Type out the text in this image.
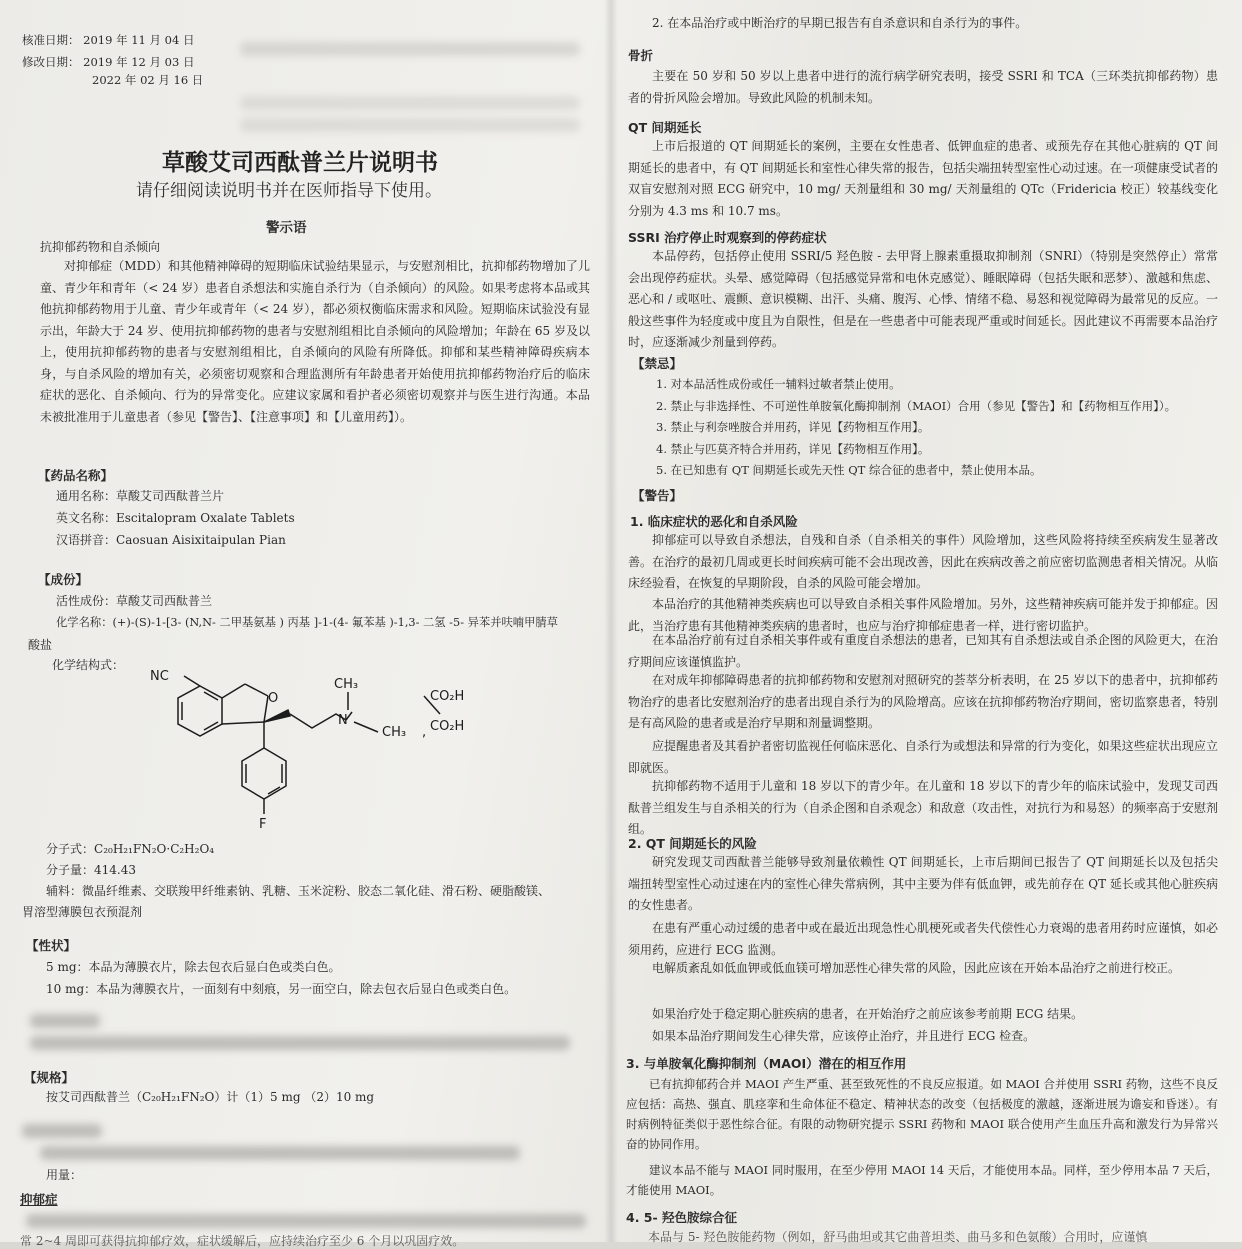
核准日期： 2019 年 11 月 04 日
修改日期： 2019 年 12 月 03 日
2022 年 02 月 16 日
草酸艾司西酞普兰片说明书
请仔细阅读说明书并在医师指导下使用。
警示语
抗抑郁药物和自杀倾向
对抑郁症（MDD）和其他精神障碍的短期临床试验结果显示，与安慰剂相比，抗抑郁药物增加了儿童、青少年和青年（< 24 岁）患者自杀想法和实施自杀行为（自杀倾向）的风险。如果考虑将本品或其他抗抑郁药物用于儿童、青少年或青年（< 24 岁），都必须权衡临床需求和风险。短期临床试验没有显示出，年龄大于 24 岁、使用抗抑郁药物的患者与安慰剂组相比自杀倾向的风险增加；年龄在 65 岁及以上，使用抗抑郁药物的患者与安慰剂组相比，自杀倾向的风险有所降低。抑郁和某些精神障碍疾病本身，与自杀风险的增加有关，必须密切观察和合理监测所有年龄患者开始使用抗抑郁药物治疗后的临床症状的恶化、自杀倾向、行为的异常变化。应建议家属和看护者必须密切观察并与医生进行沟通。本品未被批准用于儿童患者（参见【警告】、【注意事项】和【儿童用药】）。
【药品名称】
通用名称：草酸艾司西酞普兰片
英文名称：Escitalopram Oxalate Tablets
汉语拼音：Caosuan Aisixitaipulan Pian
【成份】
活性成份：草酸艾司西酞普兰
化学名称：(+)-(S)-1-[3- (N,N- 二甲基氨基 ) 丙基 ]-1-(4- 氟苯基 )-1,3- 二氢 -5- 异苯并呋喃甲腈草
酸盐
化学结构式：
NC
O
N
CH₃
CH₃
F
CO₂H
CO₂H
,
分子式：C₂₀H₂₁FN₂O·C₂H₂O₄
分子量：414.43
辅料：微晶纤维素、交联羧甲纤维素钠、乳糖、玉米淀粉、胶态二氧化硅、滑石粉、硬脂酸镁、
胃溶型薄膜包衣预混剂
【性状】
5 mg：本品为薄膜衣片，除去包衣后显白色或类白色。
10 mg：本品为薄膜衣片，一面刻有中刻痕，另一面空白，除去包衣后显白色或类白色。
【规格】
按艾司西酞普兰（C₂₀H₂₁FN₂O）计（1）5 mg （2）10 mg
用量：
抑郁症
常 2~4 周即可获得抗抑郁疗效，症状缓解后，应持续治疗至少 6 个月以巩固疗效。
2. 在本品治疗或中断治疗的早期已报告有自杀意识和自杀行为的事件。
骨折
主要在 50 岁和 50 岁以上患者中进行的流行病学研究表明，接受 SSRI 和 TCA（三环类抗抑郁药物）患者的骨折风险会增加。导致此风险的机制未知。
QT 间期延长
上市后报道的 QT 间期延长的案例，主要在女性患者、低钾血症的患者、或预先存在其他心脏病的 QT 间期延长的患者中，有 QT 间期延长和室性心律失常的报告，包括尖端扭转型室性心动过速。在一项健康受试者的双盲安慰剂对照 ECG 研究中，10 mg/ 天剂量组和 30 mg/ 天剂量组的 QTc（Fridericia 校正）较基线变化分别为 4.3 ms 和 10.7 ms。
SSRI 治疗停止时观察到的停药症状
本品停药，包括停止使用 SSRI/5 羟色胺 - 去甲肾上腺素重摄取抑制剂（SNRI）（特别是突然停止）常常会出现停药症状。头晕、感觉障碍（包括感觉异常和电休克感觉）、睡眠障碍（包括失眠和恶梦）、激越和焦虑、恶心和 / 或呕吐、震颤、意识模糊、出汗、头痛、腹泻、心悸、情绪不稳、易怒和视觉障碍为最常见的反应。一般这些事件为轻度或中度且为自限性，但是在一些患者中可能表现严重或时间延长。因此建议不再需要本品治疗时，应逐渐减少剂量到停药。
【禁忌】
1. 对本品活性成份或任一辅料过敏者禁止使用。
2. 禁止与非选择性、不可逆性单胺氧化酶抑制剂（MAOI）合用（参见【警告】和【药物相互作用】）。
3. 禁止与利奈唑胺合并用药，详见【药物相互作用】。
4. 禁止与匹莫齐特合并用药，详见【药物相互作用】。
5. 在已知患有 QT 间期延长或先天性 QT 综合征的患者中，禁止使用本品。
【警告】
1. 临床症状的恶化和自杀风险
抑郁症可以导致自杀想法，自残和自杀（自杀相关的事件）风险增加，这些风险将持续至疾病发生显著改善。在治疗的最初几周或更长时间疾病可能不会出现改善，因此在疾病改善之前应密切监测患者相关情况。从临床经验看，在恢复的早期阶段，自杀的风险可能会增加。
本品治疗的其他精神类疾病也可以导致自杀相关事件风险增加。另外，这些精神疾病可能并发于抑郁症。因此，当治疗患有其他精神类疾病的患者时，也应与治疗抑郁症患者一样，进行密切监护。
在本品治疗前有过自杀相关事件或有重度自杀想法的患者，已知其有自杀想法或自杀企图的风险更大，在治疗期间应该谨慎监护。
在对成年抑郁障碍患者的抗抑郁药物和安慰剂对照研究的荟萃分析表明，在 25 岁以下的患者中，抗抑郁药物治疗的患者比安慰剂治疗的患者出现自杀行为的风险增高。应该在抗抑郁药物治疗期间，密切监察患者，特别是有高风险的患者或是治疗早期和剂量调整期。
应提醒患者及其看护者密切监视任何临床恶化、自杀行为或想法和异常的行为变化，如果这些症状出现应立即就医。
抗抑郁药物不适用于儿童和 18 岁以下的青少年。在儿童和 18 岁以下的青少年的临床试验中，发现艾司西酞普兰组发生与自杀相关的行为（自杀企图和自杀观念）和敌意（攻击性，对抗行为和易怒）的频率高于安慰剂组。
2. QT 间期延长的风险
研究发现艾司西酞普兰能够导致剂量依赖性 QT 间期延长，上市后期间已报告了 QT 间期延长以及包括尖端扭转型室性心动过速在内的室性心律失常病例，其中主要为伴有低血钾，或先前存在 QT 延长或其他心脏疾病的女性患者。
在患有严重心动过缓的患者中或在最近出现急性心肌梗死或者失代偿性心力衰竭的患者用药时应谨慎，如必须用药，应进行 ECG 监测。
电解质紊乱如低血钾或低血镁可增加恶性心律失常的风险，因此应该在开始本品治疗之前进行校正。
如果治疗处于稳定期心脏疾病的患者，在开始治疗之前应该参考前期 ECG 结果。
如果本品治疗期间发生心律失常，应该停止治疗，并且进行 ECG 检查。
3. 与单胺氧化酶抑制剂（MAOI）潜在的相互作用
已有抗抑郁药合并 MAOI 产生严重、甚至致死性的不良反应报道。如 MAOI 合并使用 SSRI 药物，这些不良反应包括：高热、强直、肌痉挛和生命体征不稳定、精神状态的改变（包括极度的激越，逐渐进展为谵妄和昏迷）。有时病例特征类似于恶性综合征。有限的动物研究提示 SSRI 药物和 MAOI 联合使用产生血压升高和激发行为异常兴奋的协同作用。
建议本品不能与 MAOI 同时服用，在至少停用 MAOI 14 天后，才能使用本品。同样，至少停用本品 7 天后，才能使用 MAOI。
4. 5- 羟色胺综合征
本品与 5- 羟色胺能药物（例如，舒马曲坦或其它曲普坦类、曲马多和色氨酸）合用时，应谨慎
